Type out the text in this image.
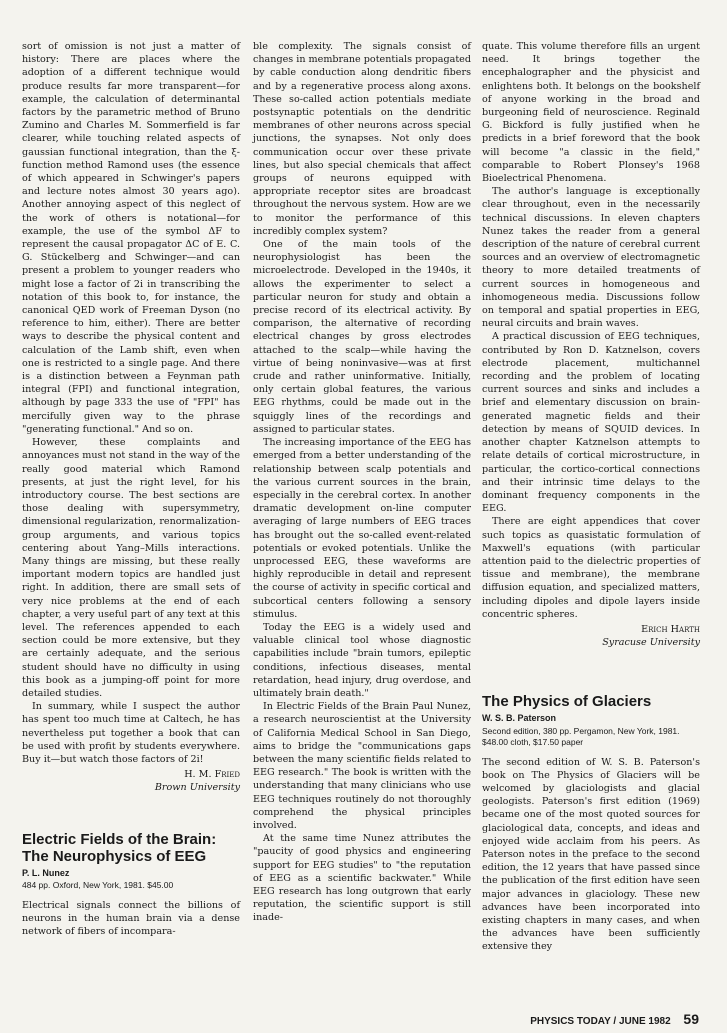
sort of omission is not just a matter of history: There are places where the adoption of a different technique would produce results far more transparent—for example, the calculation of determinantal factors by the parametric method of Bruno Zumino and Charles M. Sommerfield is far clearer, while touching related aspects of gaussian functional integration, than the ξ-function method Ramond uses (the essence of which appeared in Schwinger's papers and lecture notes almost 30 years ago). Another annoying aspect of this neglect of the work of others is notational—for example, the use of the symbol ΔF to represent the causal propagator ΔC of E. C. G. Stückelberg and Schwinger—and can present a problem to younger readers who might lose a factor of 2i in transcribing the notation of this book to, for instance, the canonical QED work of Freeman Dyson (no reference to him, either). There are better ways to describe the physical content and calculation of the Lamb shift, even when one is restricted to a single page. And there is a distinction between a Feynman path integral (FPI) and functional integration, although by page 333 the use of "FPI" has mercifully given way to the phrase "generating functional." And so on.

However, these complaints and annoyances must not stand in the way of the really good material which Ramond presents, at just the right level, for his introductory course. The best sections are those dealing with supersymmetry, dimensional regularization, renormalization-group arguments, and various topics centering about Yang–Mills interactions. Many things are missing, but these really important modern topics are handled just right. In addition, there are small sets of very nice problems at the end of each chapter, a very useful part of any text at this level. The references appended to each section could be more extensive, but they are certainly adequate, and the serious student should have no difficulty in using this book as a jumping-off point for more detailed studies.

In summary, while I suspect the author has spent too much time at Caltech, he has nevertheless put together a book that can be used with profit by students everywhere. Buy it—but watch those factors of 2i!

H. M. Fried
Brown University
Electric Fields of the Brain: The Neurophysics of EEG
P. L. Nunez
484 pp. Oxford, New York, 1981. $45.00

Electrical signals connect the billions of neurons in the human brain via a dense network of fibers of incompara-

ble complexity. The signals consist of changes in membrane potentials propagated by cable conduction along dendritic fibers and by a regenerative process along axons. These so-called action potentials mediate postsynaptic potentials on the dendritic membranes of other neurons across special junctions, the synapses. Not only does communication occur over these private lines, but also special chemicals that affect groups of neurons equipped with appropriate receptor sites are broadcast throughout the nervous system. How are we to monitor the performance of this incredibly complex system?

One of the main tools of the neurophysiologist has been the microelectrode. Developed in the 1940s, it allows the experimenter to select a particular neuron for study and obtain a precise record of its electrical activity. By comparison, the alternative of recording electrical changes by gross electrodes attached to the scalp—while having the virtue of being noninvasive—was at first crude and rather uninformative. Initially, only certain global features, the various EEG rhythms, could be made out in the squiggly lines of the recordings and assigned to particular states.

The increasing importance of the EEG has emerged from a better understanding of the relationship between scalp potentials and the various current sources in the brain, especially in the cerebral cortex. In another dramatic development on-line computer averaging of large numbers of EEG traces has brought out the so-called event-related potentials or evoked potentials. Unlike the unprocessed EEG, these waveforms are highly reproducible in detail and represent the course of activity in specific cortical and subcortical centers following a sensory stimulus.

Today the EEG is a widely used and valuable clinical tool whose diagnostic capabilities include "brain tumors, epileptic conditions, infectious diseases, mental retardation, head injury, drug overdose, and ultimately brain death."

In Electric Fields of the Brain Paul Nunez, a research neuroscientist at the University of California Medical School in San Diego, aims to bridge the "communications gaps between the many scientific fields related to EEG research." The book is written with the understanding that many clinicians who use EEG techniques routinely do not thoroughly comprehend the physical principles involved.

At the same time Nunez attributes the "paucity of good physics and engineering support for EEG studies" to "the reputation of EEG as a scientific backwater." While EEG research has long outgrown that early reputation, the scientific support is still inade-

quate. This volume therefore fills an urgent need. It brings together the encephalographer and the physicist and enlightens both. It belongs on the bookshelf of anyone working in the broad and burgeoning field of neuroscience. Reginald G. Bickford is fully justified when he predicts in a brief foreword that the book will become "a classic in the field," comparable to Robert Plonsey's 1968 Bioelectrical Phenomena.

The author's language is exceptionally clear throughout, even in the necessarily technical discussions. In eleven chapters Nunez takes the reader from a general description of the nature of cerebral current sources and an overview of electromagnetic theory to more detailed treatments of current sources in homogeneous and inhomogeneous media. Discussions follow on temporal and spatial properties in EEG, neural circuits and brain waves.

A practical discussion of EEG techniques, contributed by Ron D. Katznelson, covers electrode placement, multichannel recording and the problem of locating current sources and sinks and includes a brief and elementary discussion on brain-generated magnetic fields and their detection by means of SQUID devices. In another chapter Katznelson attempts to relate details of cortical microstructure, in particular, the cortico-cortical connections and their intrinsic time delays to the dominant frequency components in the EEG.

There are eight appendices that cover such topics as quasistatic formulation of Maxwell's equations (with particular attention paid to the dielectric properties of tissue and membrane), the membrane diffusion equation, and specialized matters, including dipoles and dipole layers inside concentric spheres.

Erich Harth
Syracuse University
The Physics of Glaciers
W. S. B. Paterson
Second edition, 380 pp. Pergamon, New York, 1981. $48.00 cloth, $17.50 paper

The second edition of W. S. B. Paterson's book on The Physics of Glaciers will be welcomed by glaciologists and glacial geologists. Paterson's first edition (1969) became one of the most quoted sources for glaciological data, concepts, and ideas and enjoyed wide acclaim from his peers. As Paterson notes in the preface to the second edition, the 12 years that have passed since the publication of the first edition have seen major advances in glaciology. These new advances have been incorporated into existing chapters in many cases, and when the advances have been sufficiently extensive they

PHYSICS TODAY / JUNE 1982 59
